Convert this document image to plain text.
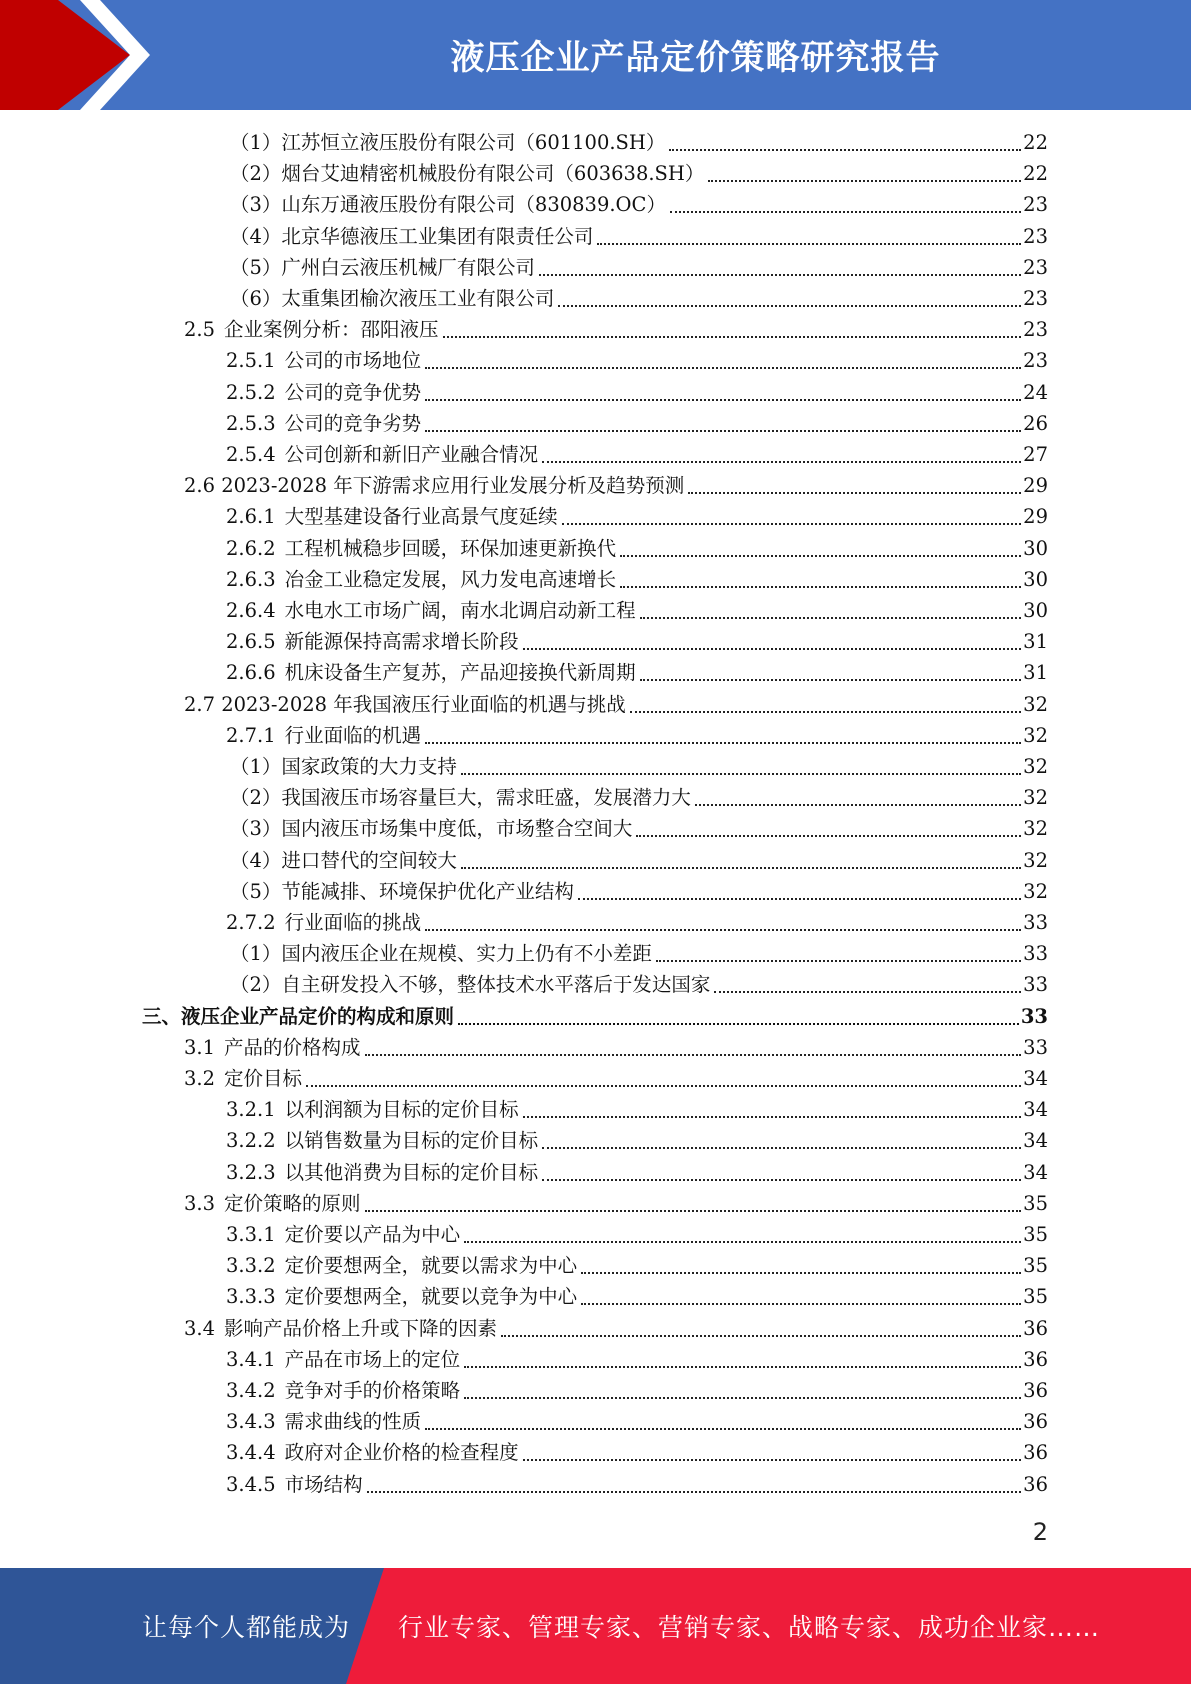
液压企业产品定价策略研究报告
（1）江苏恒立液压股份有限公司（601100.SH）	22
（2）烟台艾迪精密机械股份有限公司（603638.SH）	22
（3）山东万通液压股份有限公司（830839.OC）	23
（4）北京华德液压工业集团有限责任公司	23
（5）广州白云液压机械厂有限公司	23
（6）太重集团榆次液压工业有限公司	23
2.5 企业案例分析：邵阳液压	23
2.5.1 公司的市场地位	23
2.5.2 公司的竞争优势	24
2.5.3 公司的竞争劣势	26
2.5.4 公司创新和新旧产业融合情况	27
2.6 2023-2028 年下游需求应用行业发展分析及趋势预测	29
2.6.1 大型基建设备行业高景气度延续	29
2.6.2 工程机械稳步回暖，环保加速更新换代	30
2.6.3 冶金工业稳定发展，风力发电高速增长	30
2.6.4 水电水工市场广阔，南水北调启动新工程	30
2.6.5 新能源保持高需求增长阶段	31
2.6.6 机床设备生产复苏，产品迎接换代新周期	31
2.7 2023-2028 年我国液压行业面临的机遇与挑战	32
2.7.1 行业面临的机遇	32
（1）国家政策的大力支持	32
（2）我国液压市场容量巨大，需求旺盛，发展潜力大	32
（3）国内液压市场集中度低，市场整合空间大	32
（4）进口替代的空间较大	32
（5）节能减排、环境保护优化产业结构	32
2.7.2 行业面临的挑战	33
（1）国内液压企业在规模、实力上仍有不小差距	33
（2）自主研发投入不够，整体技术水平落后于发达国家	33
三、液压企业产品定价的构成和原则	33
3.1 产品的价格构成	33
3.2 定价目标	34
3.2.1 以利润额为目标的定价目标	34
3.2.2 以销售数量为目标的定价目标	34
3.2.3 以其他消费为目标的定价目标	34
3.3 定价策略的原则	35
3.3.1 定价要以产品为中心	35
3.3.2 定价要想两全，就要以需求为中心	35
3.3.3 定价要想两全，就要以竞争为中心	35
3.4 影响产品价格上升或下降的因素	36
3.4.1 产品在市场上的定位	36
3.4.2 竞争对手的价格策略	36
3.4.3 需求曲线的性质	36
3.4.4 政府对企业价格的检查程度	36
3.4.5 市场结构	36
2
让每个人都能成为 行业专家、管理专家、营销专家、战略专家、成功企业家……
